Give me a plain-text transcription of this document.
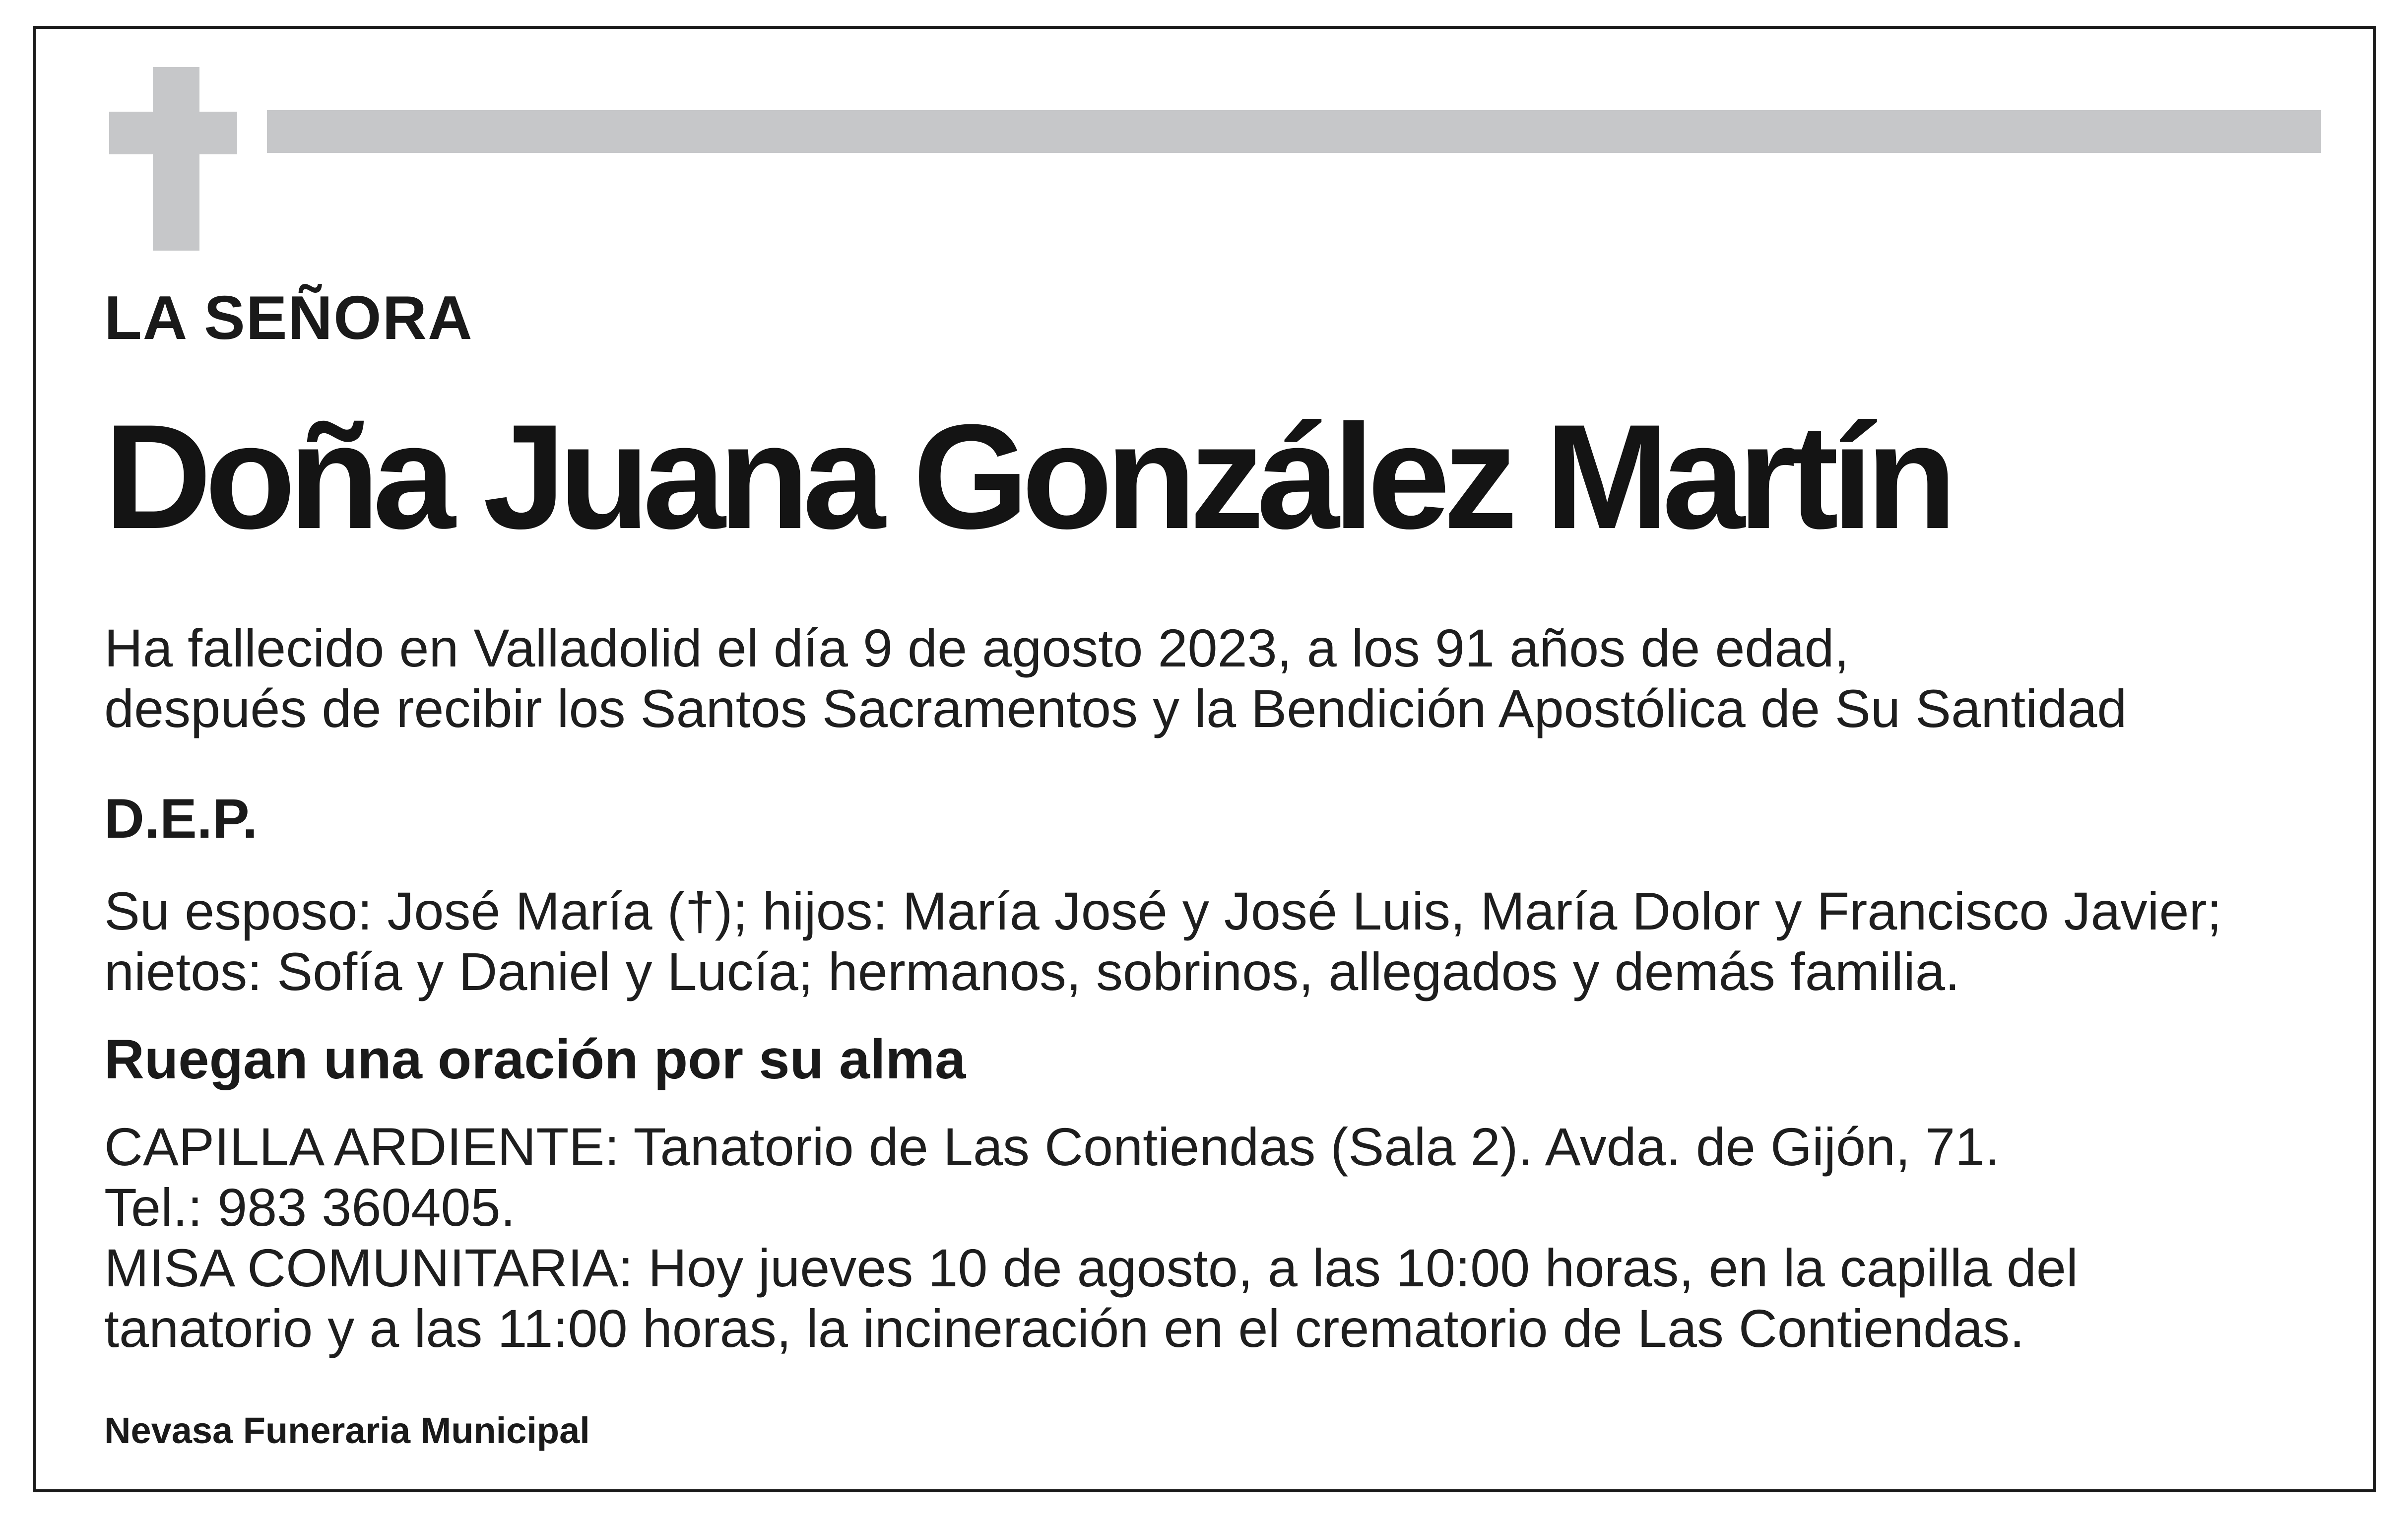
LA SEÑORA

Doña Juana González Martín

Ha fallecido en Valladolid el día 9 de agosto 2023, a los 91 años de edad,
después de recibir los Santos Sacramentos y la Bendición Apostólica de Su Santidad

D.E.P.

Su esposo: José María (†); hijos: María José y José Luis, María Dolor y Francisco Javier;
nietos: Sofía y Daniel y Lucía; hermanos, sobrinos, allegados y demás familia.

Ruegan una oración por su alma

CAPILLA ARDIENTE: Tanatorio de Las Contiendas (Sala 2). Avda. de Gijón, 71.
Tel.: 983 360405.
MISA COMUNITARIA: Hoy jueves 10 de agosto, a las 10:00 horas, en la capilla del
tanatorio y a las 11:00 horas, la incineración en el crematorio de Las Contiendas.

Nevasa Funeraria Municipal
